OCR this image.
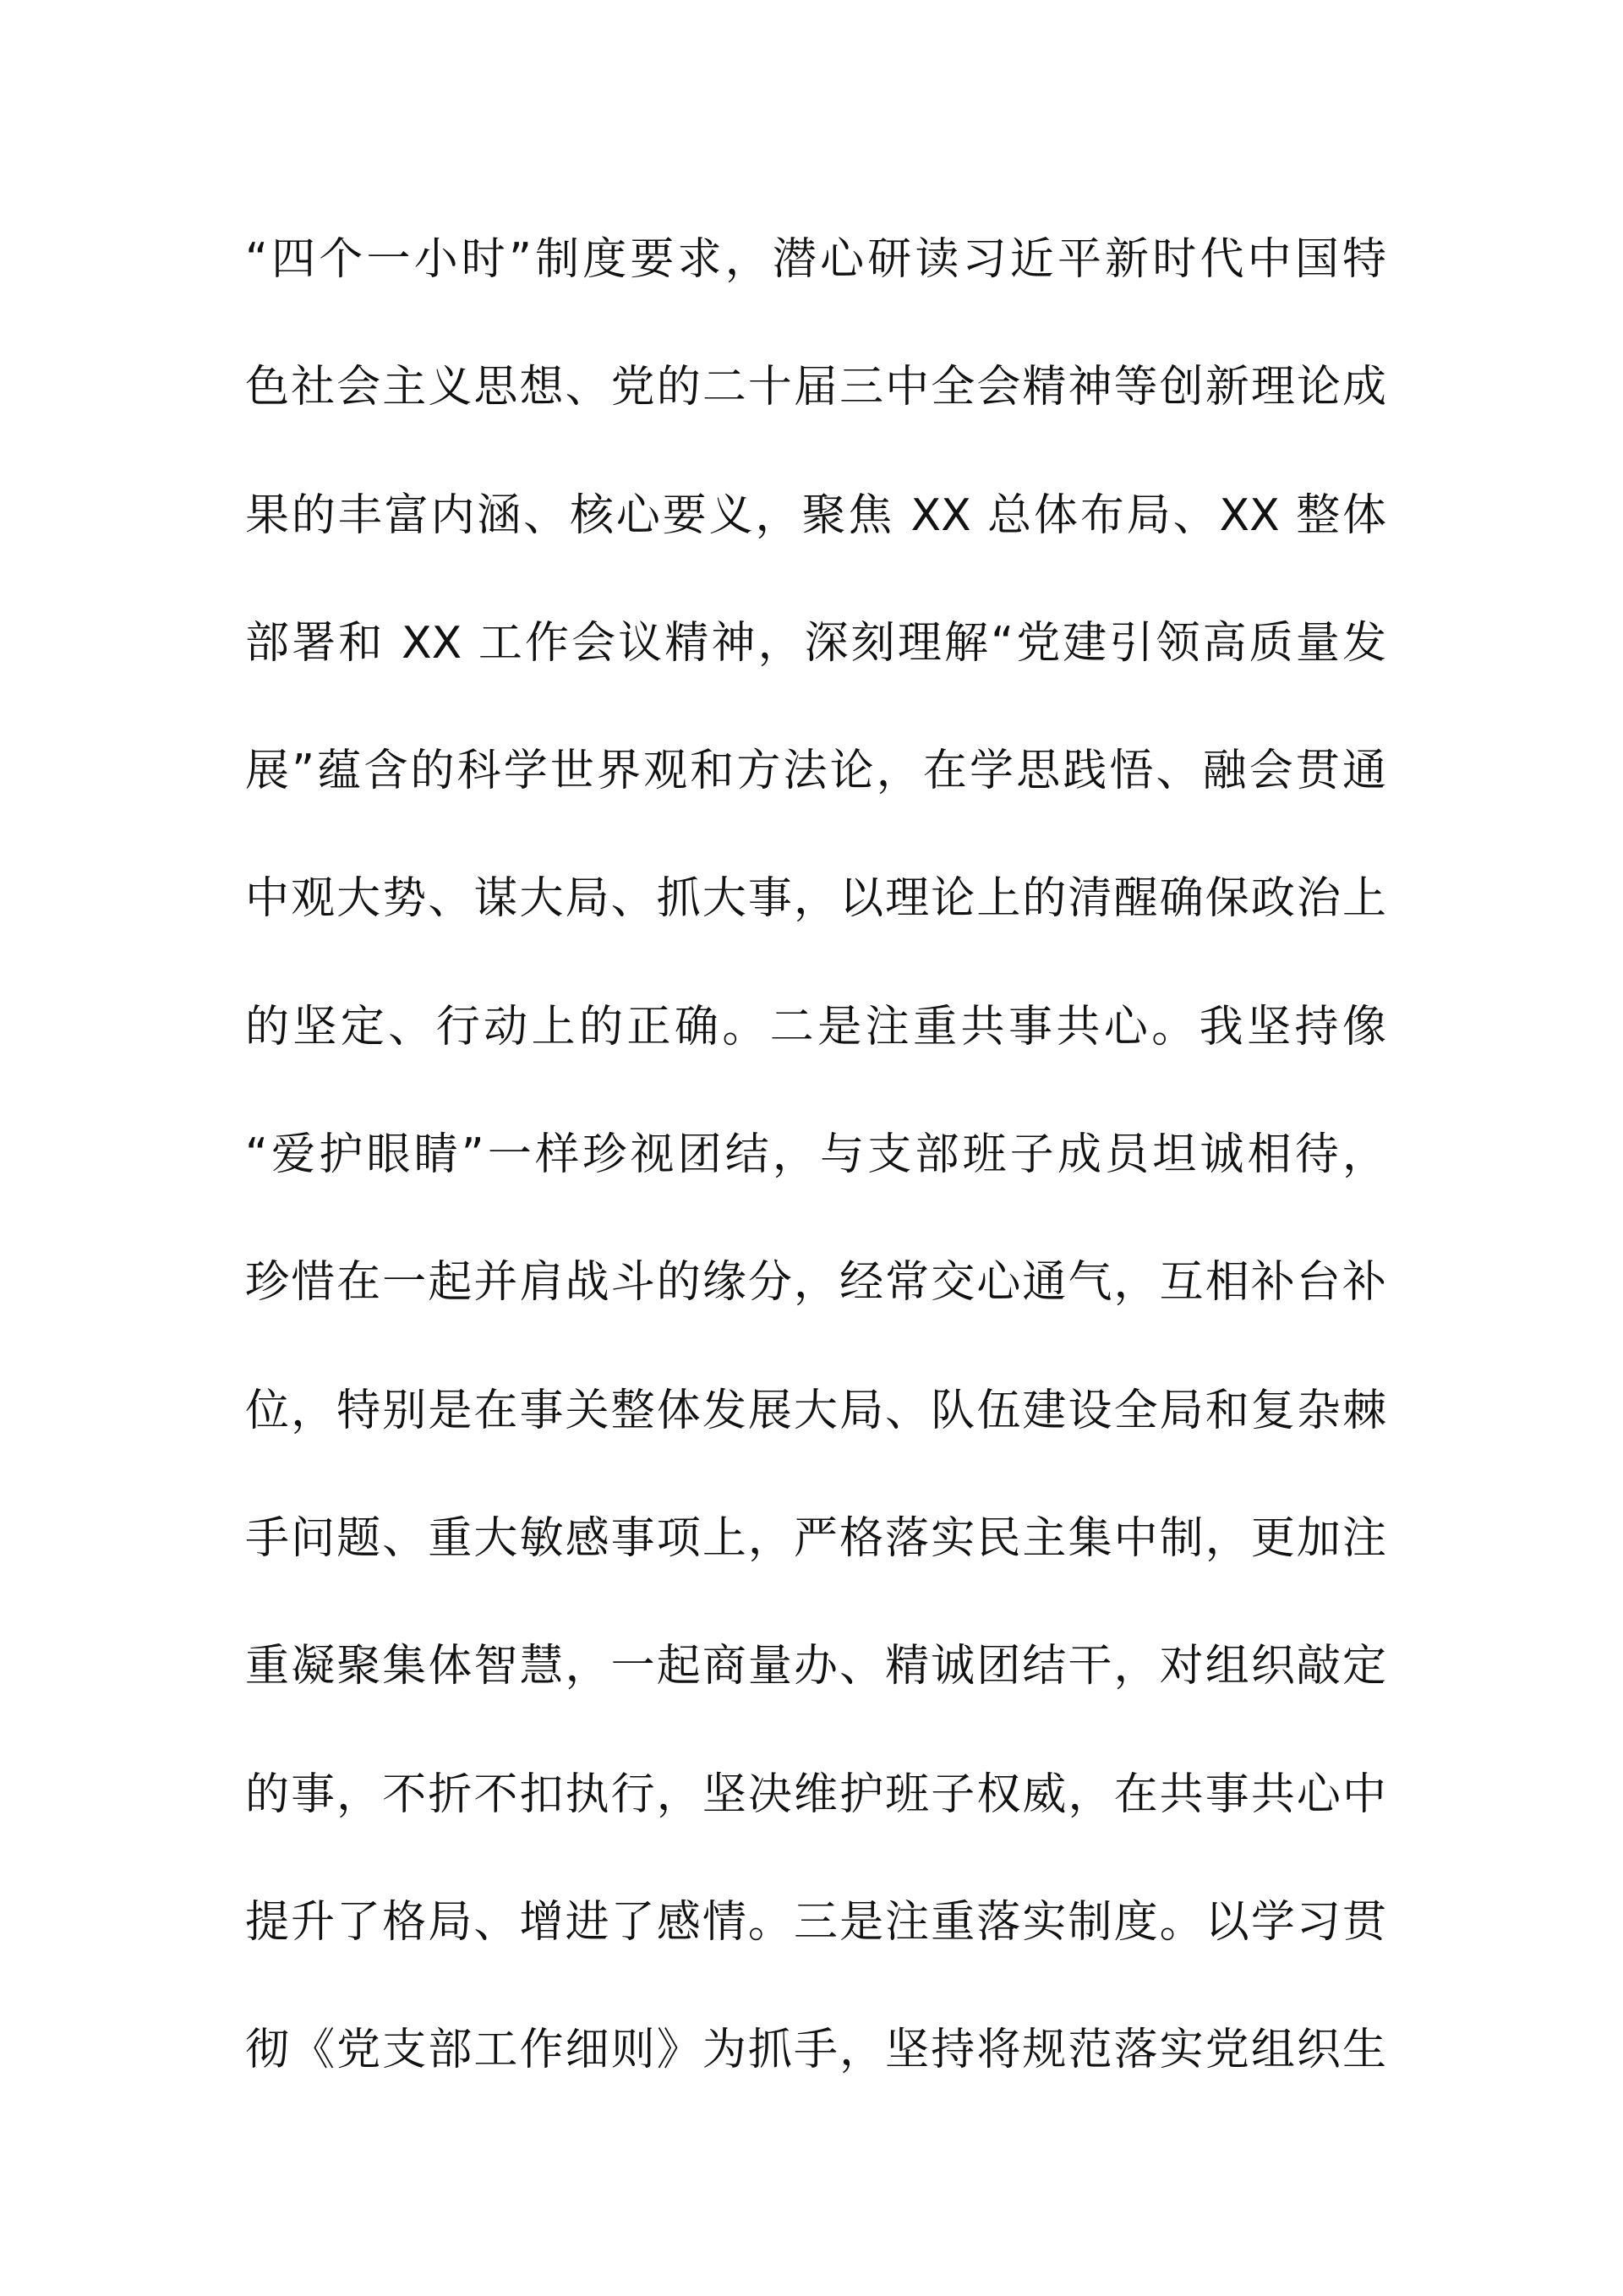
“四个一小时”制度要求，潜心研读习近平新时代中国特
色社会主义思想、党的二十届三中全会精神等创新理论成
果的丰富内涵、核心要义，聚焦 XX 总体布局、XX 整体
部署和 XX 工作会议精神，深刻理解“党建引领高质量发
展”蕴含的科学世界观和方法论，在学思践悟、融会贯通
中观大势、谋大局、抓大事，以理论上的清醒确保政治上
的坚定、行动上的正确。二是注重共事共心。我坚持像
“爱护眼睛”一样珍视团结，与支部班子成员坦诚相待，
珍惜在一起并肩战斗的缘分，经常交心通气，互相补台补
位，特别是在事关整体发展大局、队伍建设全局和复杂棘
手问题、重大敏感事项上，严格落实民主集中制，更加注
重凝聚集体智慧，一起商量办、精诚团结干，对组织敲定
的事，不折不扣执行，坚决维护班子权威，在共事共心中
提升了格局、增进了感情。三是注重落实制度。以学习贯
彻《党支部工作细则》为抓手，坚持将规范落实党组织生
